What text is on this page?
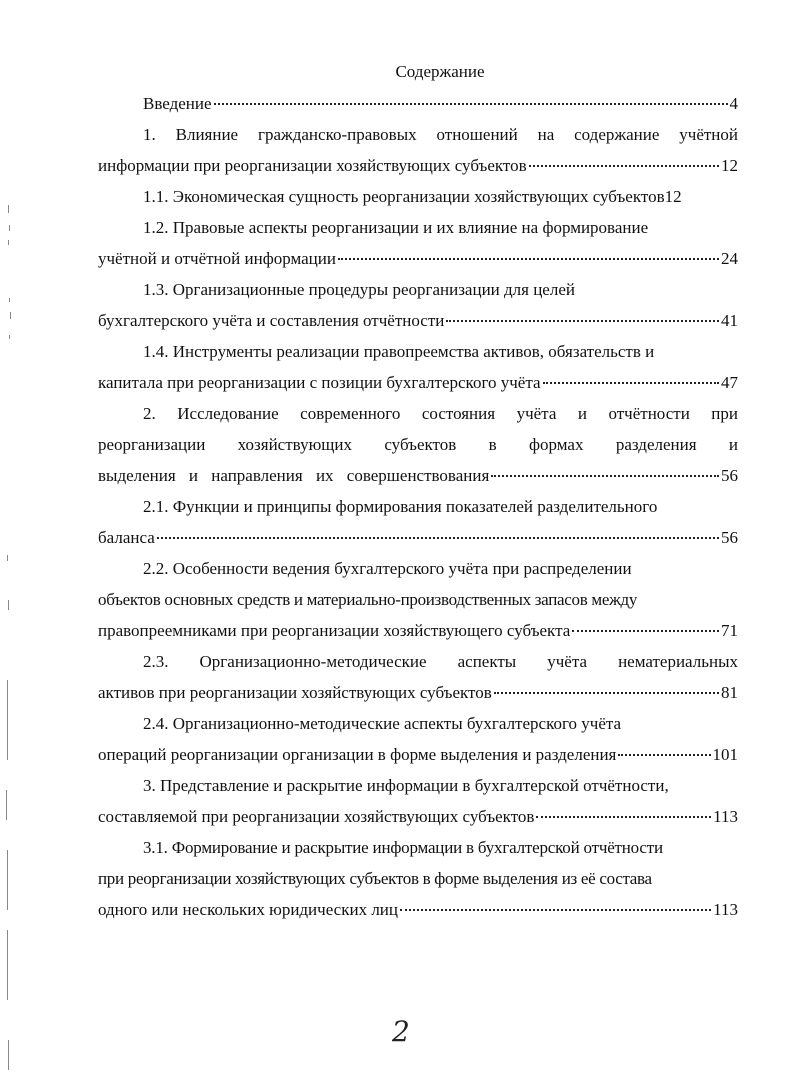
Содержание
Введение	4
1. Влияние гражданско-правовых отношений на содержание учётной
информации при реорганизации хозяйствующих субъектов	12
1.1. Экономическая сущность реорганизации хозяйствующих субъектов 12
1.2. Правовые аспекты реорганизации и их влияние на формирование
учётной и отчётной информации	24
1.3. Организационные процедуры реорганизации для целей
бухгалтерского учёта и составления отчётности	41
1.4. Инструменты реализации правопреемства активов, обязательств и
капитала при реорганизации с позиции бухгалтерского учёта	47
2. Исследование современного состояния учёта и отчётности при
реорганизации хозяйствующих субъектов в формах разделения и
выделения и направления их совершенствования	56
2.1. Функции и принципы формирования показателей разделительного
баланса	56
2.2. Особенности ведения бухгалтерского учёта при распределении
объектов основных средств и материально-производственных запасов между
правопреемниками при реорганизации хозяйствующего субъекта	71
2.3. Организационно-методические аспекты учёта нематериальных
активов при реорганизации хозяйствующих субъектов	81
2.4. Организационно-методические аспекты бухгалтерского учёта
операций реорганизации организации в форме выделения и разделения	101
3. Представление и раскрытие информации в бухгалтерской отчётности,
составляемой при реорганизации хозяйствующих субъектов	113
3.1. Формирование и раскрытие информации в бухгалтерской отчётности
при реорганизации хозяйствующих субъектов в форме выделения из её состава
одного или нескольких юридических лиц	113
2
